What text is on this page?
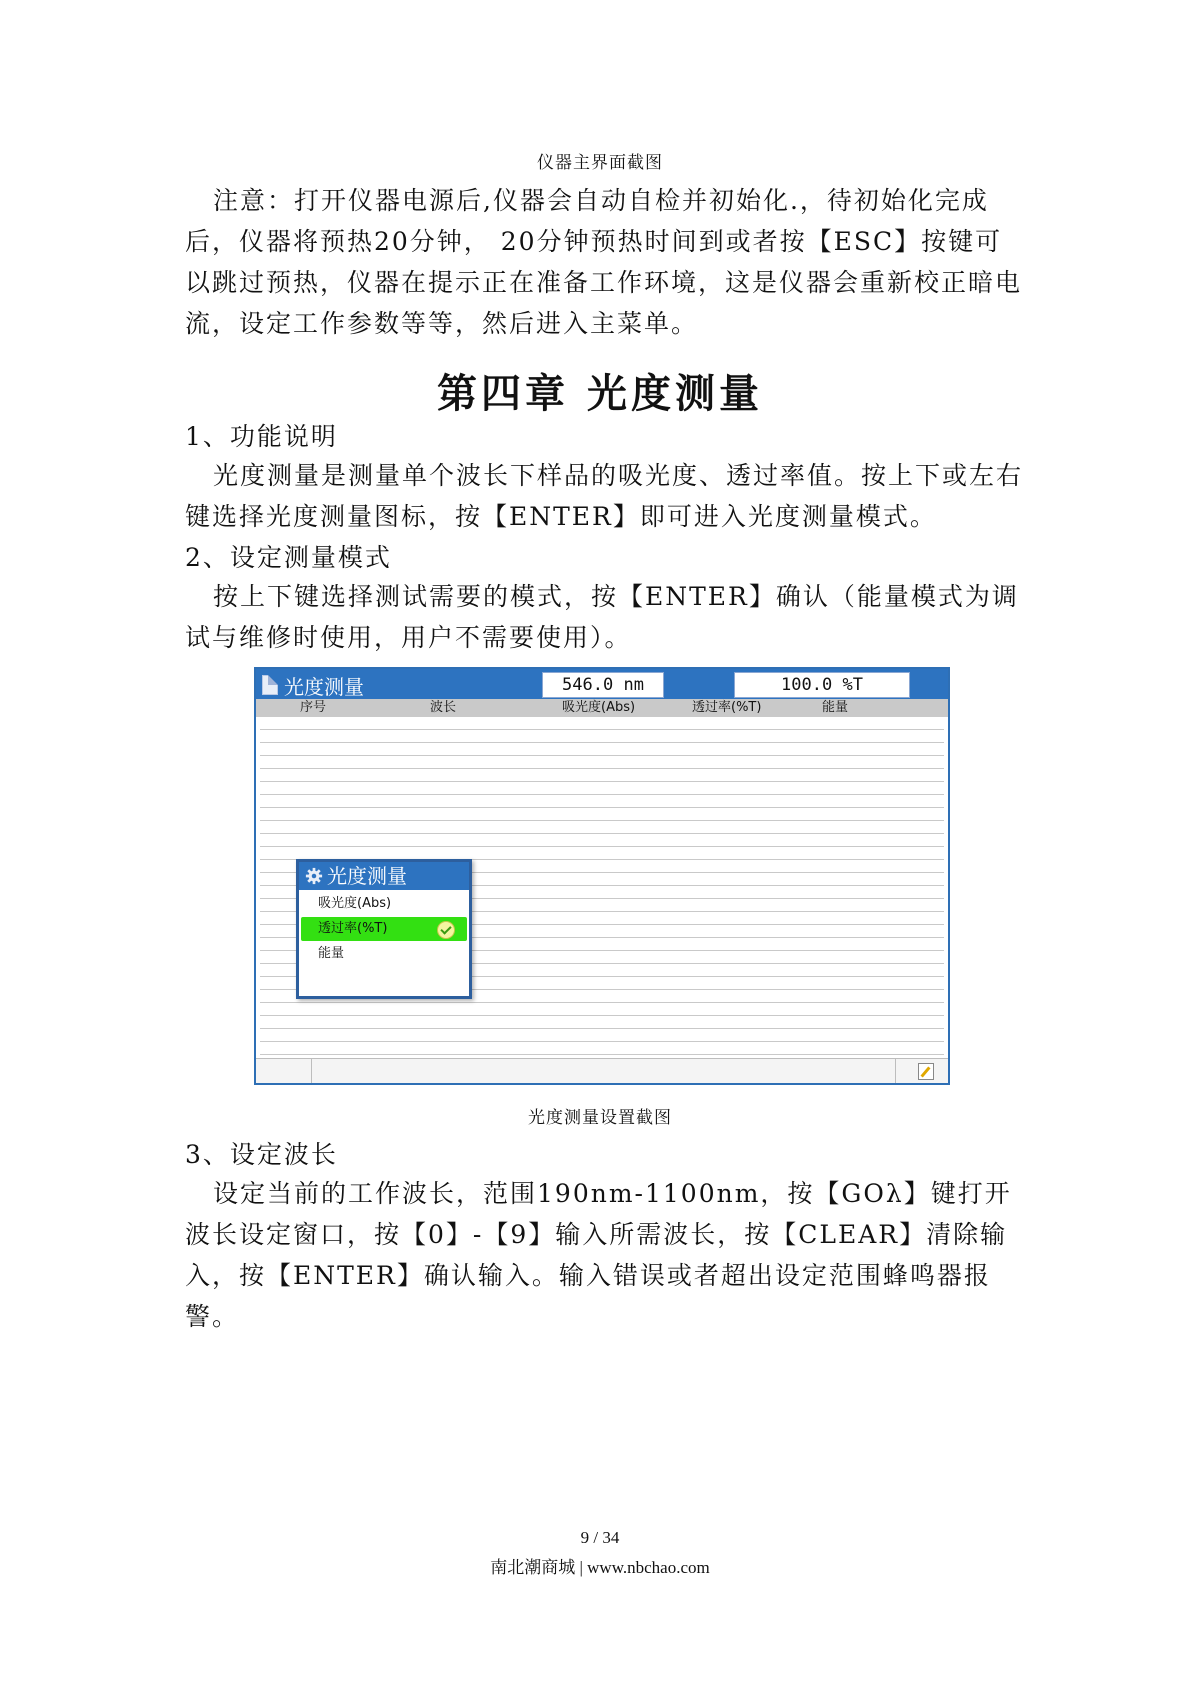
仪器主界面截图

注意：打开仪器电源后,仪器会自动自检并初始化.，待初始化完成后，仪器将预热20分钟， 20分钟预热时间到或者按【ESC】按键可以跳过预热，仪器在提示正在准备工作环境，这是仪器会重新校正暗电流，设定工作参数等等，然后进入主菜单。

第四章 光度测量
1、功能说明

光度测量是测量单个波长下样品的吸光度、透过率值。按上下或左右键选择光度测量图标，按【ENTER】即可进入光度测量模式。

2、设定测量模式

按上下键选择测试需要的模式，按【ENTER】确认（能量模式为调试与维修时使用，用户不需要使用）。

光度测量	546.0 nm	100.0 %T
序号	波长	吸光度(Abs)	透过率(%T)	能量
光度测量
吸光度(Abs)
透过率(%T)
能量
光度测量设置截图
3、设定波长

设定当前的工作波长，范围190nm-1100nm，按【GOλ】键打开波长设定窗口，按【0】-【9】输入所需波长，按【CLEAR】清除输入，按【ENTER】确认输入。输入错误或者超出设定范围蜂鸣器报警。

9 / 34
南北潮商城 | www.nbchao.com
